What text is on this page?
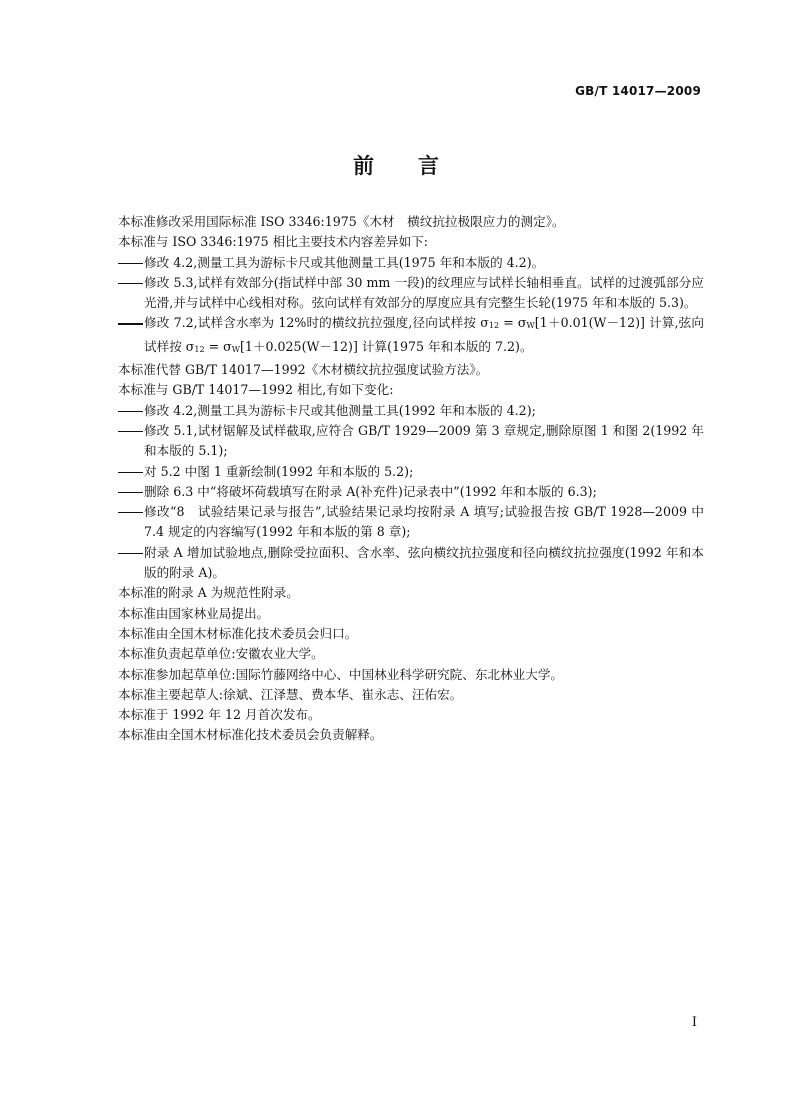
GB/T 14017—2009
前言

本标准修改采用国际标准 ISO 3346:1975《木材　横纹抗拉极限应力的测定》。

本标准与 ISO 3346:1975 相比主要技术内容差异如下:

修改 4.2,测量工具为游标卡尺或其他测量工具(1975 年和本版的 4.2)。
修改 5.3,试样有效部分(指试样中部 30 mm 一段)的纹理应与试样长轴相垂直。试样的过渡弧部分应光滑,并与试样中心线相对称。弦向试样有效部分的厚度应具有完整生长轮(1975 年和本版的 5.3)。
修改 7.2,试样含水率为 12%时的横纹抗拉强度,径向试样按 σ12 = σW[1＋0.01(W－12)] 计算,弦向试样按 σ12 = σW[1＋0.025(W－12)] 计算(1975 年和本版的 7.2)。

本标准代替 GB/T 14017—1992《木材横纹抗拉强度试验方法》。

本标准与 GB/T 14017—1992 相比,有如下变化:

修改 4.2,测量工具为游标卡尺或其他测量工具(1992 年和本版的 4.2);
修改 5.1,试材锯解及试样截取,应符合 GB/T 1929—2009 第 3 章规定,删除原图 1 和图 2(1992 年和本版的 5.1);
对 5.2 中图 1 重新绘制(1992 年和本版的 5.2);
删除 6.3 中“将破坏荷载填写在附录 A(补充件)记录表中”(1992 年和本版的 6.3);
修改“8　试验结果记录与报告”,试验结果记录均按附录 A 填写;试验报告按 GB/T 1928—2009 中 7.4 规定的内容编写(1992 年和本版的第 8 章);
附录 A 增加试验地点,删除受拉面积、含水率、弦向横纹抗拉强度和径向横纹抗拉强度(1992 年和本版的附录 A)。

本标准的附录 A 为规范性附录。

本标准由国家林业局提出。

本标准由全国木材标准化技术委员会归口。

本标准负责起草单位:安徽农业大学。

本标准参加起草单位:国际竹藤网络中心、中国林业科学研究院、东北林业大学。

本标准主要起草人:徐斌、江泽慧、费本华、崔永志、汪佑宏。

本标准于 1992 年 12 月首次发布。

本标准由全国木材标准化技术委员会负责解释。

I
